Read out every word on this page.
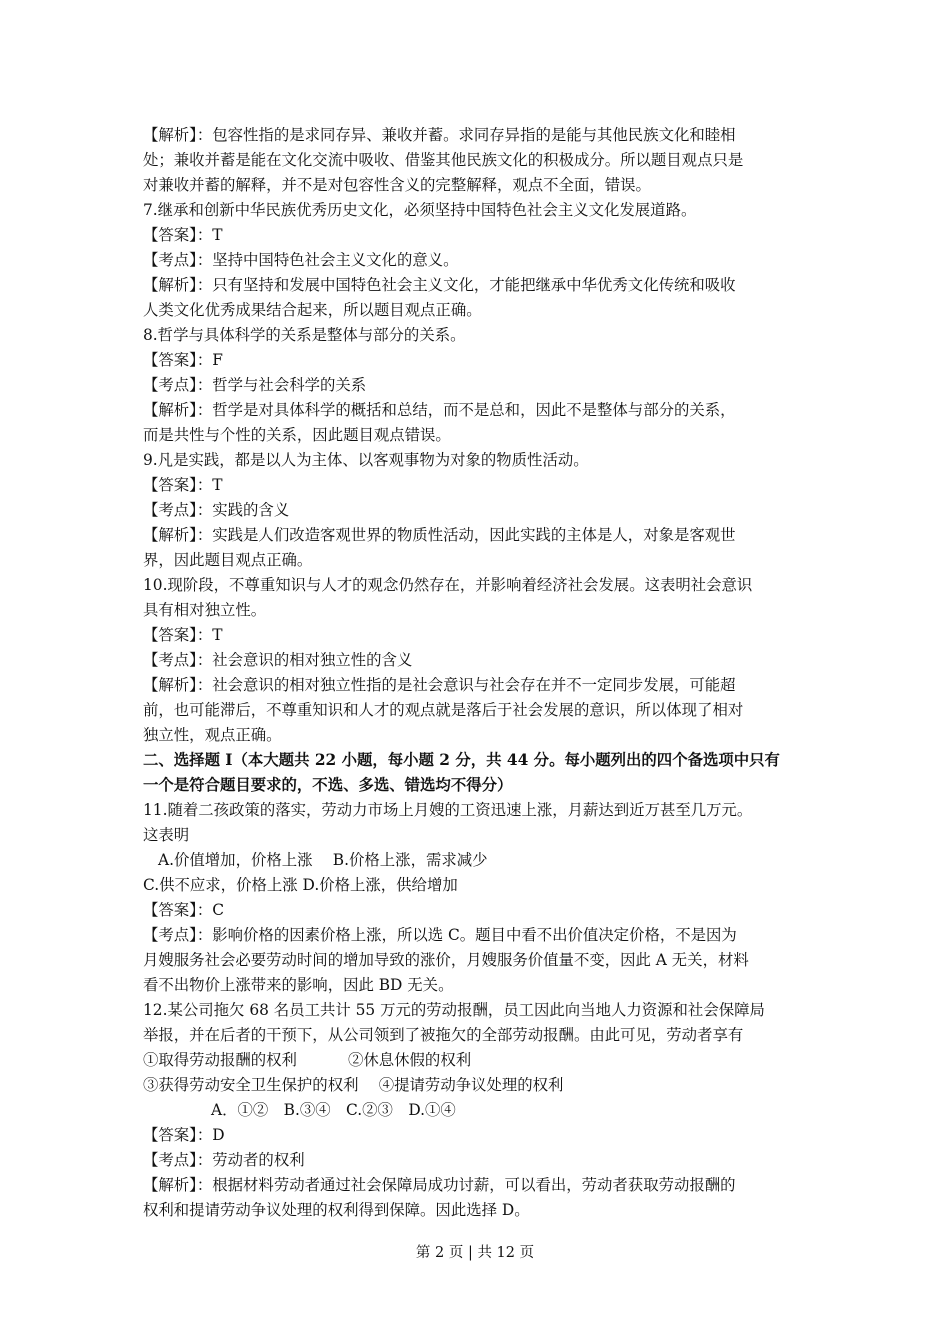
【解析】：包容性指的是求同存异、兼收并蓄。求同存异指的是能与其他民族文化和睦相
处；兼收并蓄是能在文化交流中吸收、借鉴其他民族文化的积极成分。所以题目观点只是
对兼收并蓄的解释，并不是对包容性含义的完整解释，观点不全面，错误。
7.继承和创新中华民族优秀历史文化，必须坚持中国特色社会主义文化发展道路。
【答案】：T
【考点】：坚持中国特色社会主义文化的意义。
【解析】：只有坚持和发展中国特色社会主义文化，才能把继承中华优秀文化传统和吸收
人类文化优秀成果结合起来，所以题目观点正确。
8.哲学与具体科学的关系是整体与部分的关系。
【答案】：F
【考点】：哲学与社会科学的关系
【解析】：哲学是对具体科学的概括和总结，而不是总和，因此不是整体与部分的关系，
而是共性与个性的关系，因此题目观点错误。
9.凡是实践，都是以人为主体、以客观事物为对象的物质性活动。
【答案】：T
【考点】：实践的含义
【解析】：实践是人们改造客观世界的物质性活动，因此实践的主体是人，对象是客观世
界，因此题目观点正确。
10.现阶段，不尊重知识与人才的观念仍然存在，并影响着经济社会发展。这表明社会意识
具有相对独立性。
【答案】：T
【考点】：社会意识的相对独立性的含义
【解析】：社会意识的相对独立性指的是社会意识与社会存在并不一定同步发展，可能超
前，也可能滞后，不尊重知识和人才的观点就是落后于社会发展的意识，所以体现了相对
独立性，观点正确。
二、选择题 I（本大题共 22 小题，每小题 2 分，共 44 分。每小题列出的四个备选项中只有
一个是符合题目要求的，不选、多选、错选均不得分）
11.随着二孩政策的落实，劳动力市场上月嫂的工资迅速上涨，月薪达到近万甚至几万元。
这表明
A.价值增加，价格上涨　 B.价格上涨，需求减少
C.供不应求，价格上涨 D.价格上涨，供给增加
【答案】：C
【考点】：影响价格的因素价格上涨，所以选 C。题目中看不出价值决定价格，不是因为
月嫂服务社会必要劳动时间的增加导致的涨价，月嫂服务价值量不变，因此 A 无关，材料
看不出物价上涨带来的影响，因此 BD 无关。
12.某公司拖欠 68 名员工共计 55 万元的劳动报酬，员工因此向当地人力资源和社会保障局
举报，并在后者的干预下，从公司领到了被拖欠的全部劳动报酬。由此可见，劳动者享有
①取得劳动报酬的权利　　　 ②休息休假的权利
③获得劳动安全卫生保护的权利　 ④提请劳动争议处理的权利
A．①②　B.③④　C.②③　D.①④
【答案】：D
【考点】：劳动者的权利
【解析】：根据材料劳动者通过社会保障局成功讨薪，可以看出，劳动者获取劳动报酬的
权利和提请劳动争议处理的权利得到保障。因此选择 D。
第 2 页 | 共 12 页
